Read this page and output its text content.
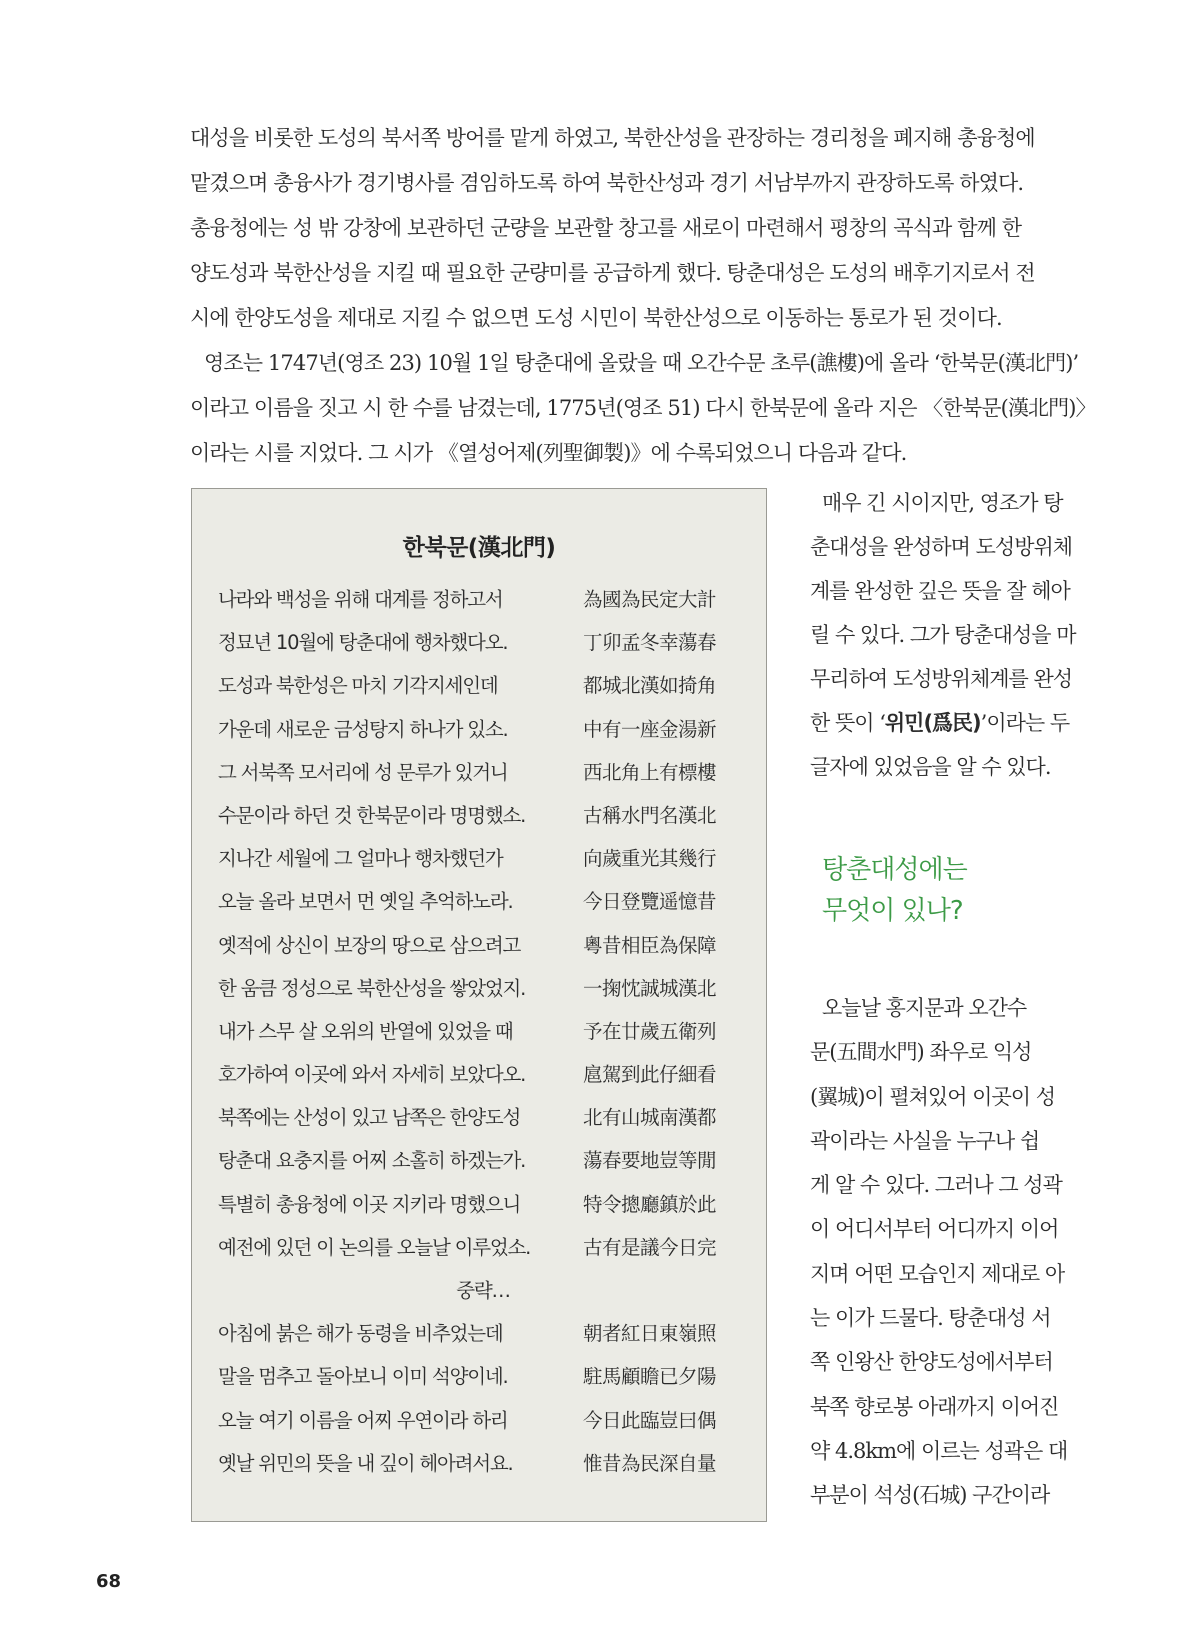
대성을 비롯한 도성의 북서쪽 방어를 맡게 하였고, 북한산성을 관장하는 경리청을 폐지해 총융청에
맡겼으며 총융사가 경기병사를 겸임하도록 하여 북한산성과 경기 서남부까지 관장하도록 하였다.
총융청에는 성 밖 강창에 보관하던 군량을 보관할 창고를 새로이 마련해서 평창의 곡식과 함께 한
양도성과 북한산성을 지킬 때 필요한 군량미를 공급하게 했다. 탕춘대성은 도성의 배후기지로서 전
시에 한양도성을 제대로 지킬 수 없으면 도성 시민이 북한산성으로 이동하는 통로가 된 것이다.
영조는 1747년(영조 23) 10월 1일 탕춘대에 올랐을 때 오간수문 초루(譙樓)에 올라 ‘한북문(漢北門)’
이라고 이름을 짓고 시 한 수를 남겼는데, 1775년(영조 51) 다시 한북문에 올라 지은 〈한북문(漢北門)〉
이라는 시를 지었다. 그 시가 《열성어제(列聖御製)》에 수록되었으니 다음과 같다.
한북문(漢北門)
나라와 백성을 위해 대계를 정하고서	為國為民定大計
정묘년 10월에 탕춘대에 행차했다오.	丁卯孟冬幸蕩春
도성과 북한성은 마치 기각지세인데	都城北漢如掎角
가운데 새로운 금성탕지 하나가 있소.	中有一座金湯新
그 서북쪽 모서리에 성 문루가 있거니	西北角上有標樓
수문이라 하던 것 한북문이라 명명했소.	古稱水門名漢北
지나간 세월에 그 얼마나 행차했던가	向歲重光其幾行
오늘 올라 보면서 먼 옛일 추억하노라.	今日登覽遥憶昔
옛적에 상신이 보장의 땅으로 삼으려고	粵昔相臣為保障
한 움큼 정성으로 북한산성을 쌓았었지.	一掬忱誠城漢北
내가 스무 살 오위의 반열에 있었을 때	予在廿歲五衛列
호가하여 이곳에 와서 자세히 보았다오.	扈駕到此仔細看
북쪽에는 산성이 있고 남쪽은 한양도성	北有山城南漢都
탕춘대 요충지를 어찌 소홀히 하겠는가.	蕩春要地豈等閒
특별히 총융청에 이곳 지키라 명했으니	特令摠廳鎮於此
예전에 있던 이 논의를 오늘날 이루었소.	古有是議今日完
중략…
아침에 붉은 해가 동령을 비추었는데	朝者紅日東嶺照
말을 멈추고 돌아보니 이미 석양이네.	駐馬顧瞻已夕陽
오늘 여기 이름을 어찌 우연이라 하리	今日此臨豈曰偶
옛날 위민의 뜻을 내 깊이 헤아려서요.	惟昔為民深自量
매우 긴 시이지만, 영조가 탕
춘대성을 완성하며 도성방위체
계를 완성한 깊은 뜻을 잘 헤아
릴 수 있다. 그가 탕춘대성을 마
무리하여 도성방위체계를 완성
한 뜻이 ‘위민(爲民)’이라는 두
글자에 있었음을 알 수 있다.
탕춘대성에는
무엇이 있나?
오늘날 홍지문과 오간수
문(五間水門) 좌우로 익성
(翼城)이 펼쳐있어 이곳이 성
곽이라는 사실을 누구나 쉽
게 알 수 있다. 그러나 그 성곽
이 어디서부터 어디까지 이어
지며 어떤 모습인지 제대로 아
는 이가 드물다. 탕춘대성 서
쪽 인왕산 한양도성에서부터
북쪽 향로봉 아래까지 이어진
약 4.8km에 이르는 성곽은 대
부분이 석성(石城) 구간이라
68
